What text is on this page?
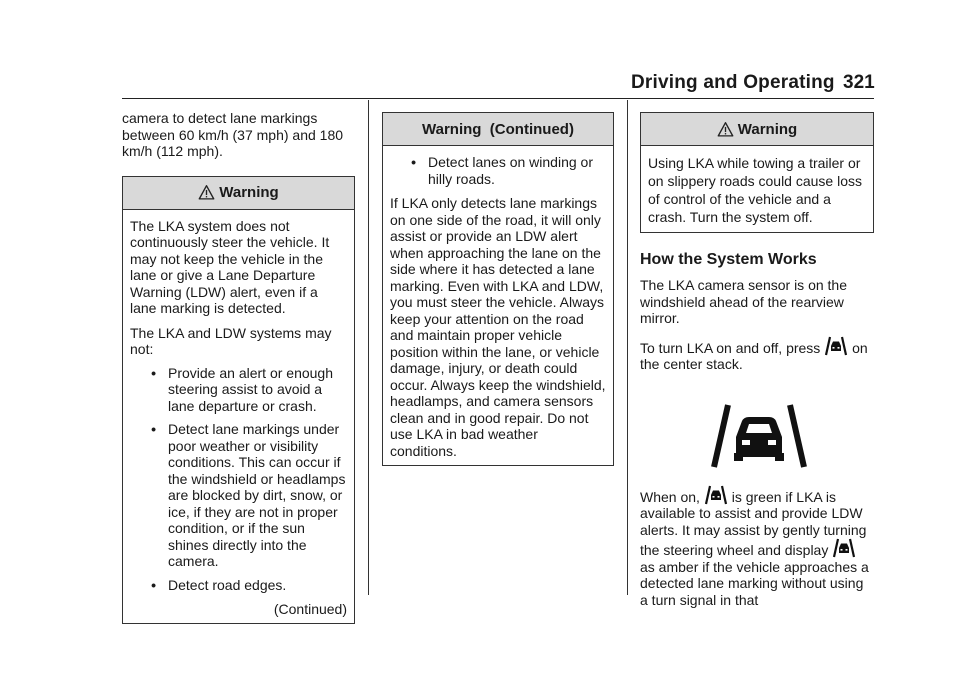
Driving and Operating 321

camera to detect lane markings between 60 km/h (37 mph) and 180 km/h (112 mph).

Warning

The LKA system does not continuously steer the vehicle. It may not keep the vehicle in the lane or give a Lane Departure Warning (LDW) alert, even if a lane marking is detected.

The LKA and LDW systems may not:

• Provide an alert or enough steering assist to avoid a lane departure or crash.
• Detect lane markings under poor weather or visibility conditions. This can occur if the windshield or headlamps are blocked by dirt, snow, or ice, if they are not in proper condition, or if the sun shines directly into the camera.
• Detect road edges.
(Continued)
Warning  (Continued)
• Detect lanes on winding or hilly roads.

If LKA only detects lane markings on one side of the road, it will only assist or provide an LDW alert when approaching the lane on the side where it has detected a lane marking. Even with LKA and LDW, you must steer the vehicle. Always keep your attention on the road and maintain proper vehicle position within the lane, or vehicle damage, injury, or death could occur. Always keep the windshield, headlamps, and camera sensors clean and in good repair. Do not use LKA in bad weather conditions.

Warning

Using LKA while towing a trailer or on slippery roads could cause loss of control of the vehicle and a crash. Turn the system off.

How the System Works

The LKA camera sensor is on the windshield ahead of the rearview mirror.

To turn LKA on and off, press on the center stack.

When on, is green if LKA is available to assist and provide LDW alerts. It may assist by gently turning the steering wheel and display  as amber if the vehicle approaches a detected lane marking without using a turn signal in that
